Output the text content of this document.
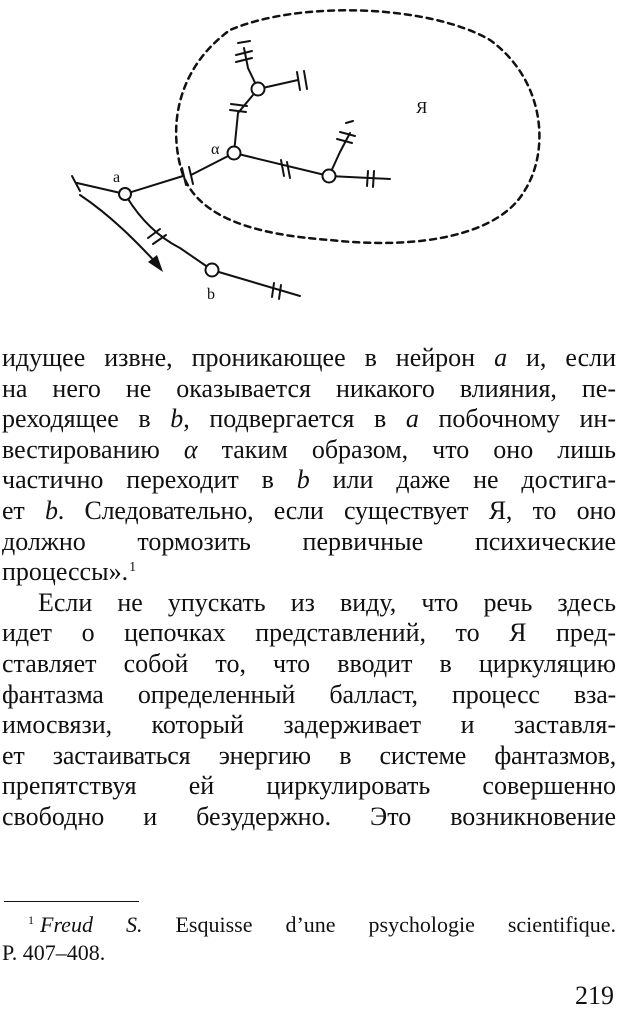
a
α
b
Я
идущее извне, проникающее в нейрон a и, если
на него не оказывается никакого влияния, пе-
реходящее в b, подвергается в a побочному ин-
вестированию α таким образом, что оно лишь
частично переходит в b или даже не достига-
ет b. Следовательно, если существует Я, то оно
должно тормозить первичные психические
процессы».$^1$
Если не упускать из виду, что речь здесь
идет о цепочках представлений, то Я пред-
ставляет собой то, что вводит в циркуляцию
фантазма определенный балласт, процесс вза-
имосвязи, который задерживает и заставля-
ет застаиваться энергию в системе фантазмов,
препятствуя ей циркулировать совершенно
свободно и безудержно. Это возникновение
$^1$ Freud S. Esquisse d’une psychologie scientifique.
P. 407–408.
219
